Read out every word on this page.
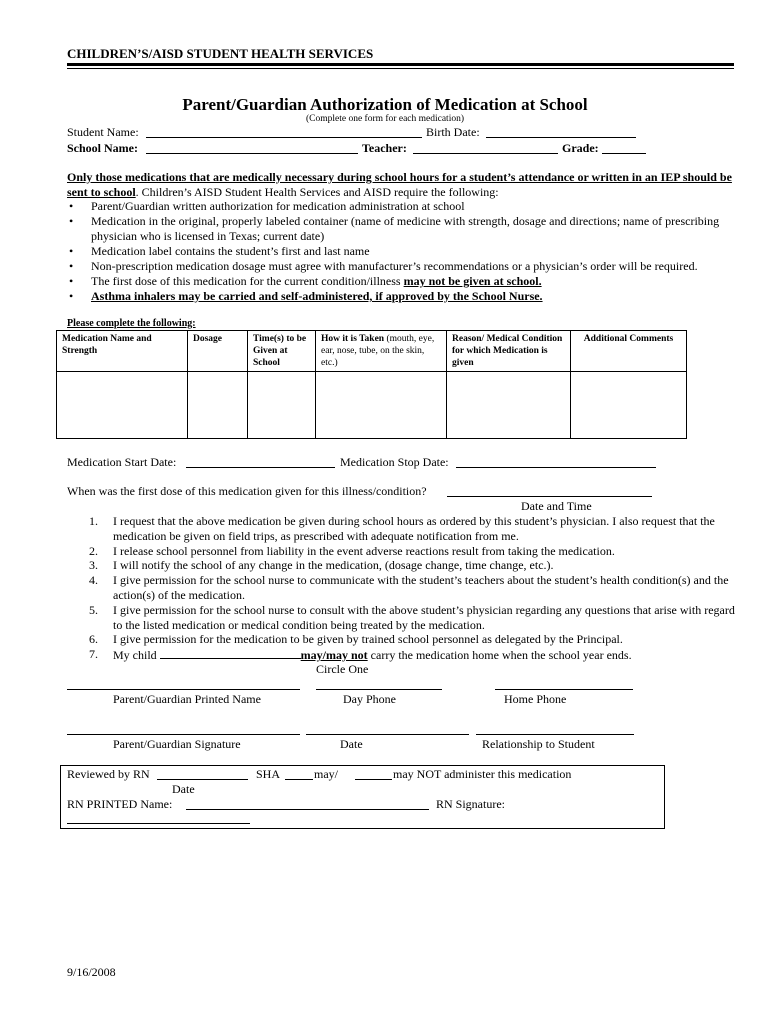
CHILDREN’S/AISD STUDENT HEALTH SERVICES
Parent/Guardian Authorization of Medication at School
(Complete one form for each medication)
Student Name:	Birth Date:
School Name:	Teacher:	Grade:
Only those medications that are medically necessary during school hours for a student’s attendance or written in an IEP should be sent to school. Children’s AISD Student Health Services and AISD require the following:
• Parent/Guardian written authorization for medication administration at school
• Medication in the original, properly labeled container (name of medicine with strength, dosage and directions; name of prescribing physician who is licensed in Texas; current date)
• Medication label contains the student’s first and last name
• Non-prescription medication dosage must agree with manufacturer’s recommendations or a physician’s order will be required.
• The first dose of this medication for the current condition/illness may not be given at school.
• Asthma inhalers may be carried and self-administered, if approved by the School Nurse.
Please complete the following:
Medication Name and Strength	Dosage	Time(s) to be Given at School	How it is Taken (mouth, eye, ear, nose, tube, on the skin, etc.)	Reason/ Medical Condition for which Medication is given	Additional Comments

Medication Start Date:	Medication Stop Date:
When was the first dose of this medication given for this illness/condition?
Date and Time
1. I request that the above medication be given during school hours as ordered by this student’s physician. I also request that the medication be given on field trips, as prescribed with adequate notification from me.
2. I release school personnel from liability in the event adverse reactions result from taking the medication.
3. I will notify the school of any change in the medication, (dosage change, time change, etc.).
4. I give permission for the school nurse to communicate with the student’s teachers about the student’s health condition(s) and the action(s) of the medication.
5. I give permission for the school nurse to consult with the above student’s physician regarding any questions that arise with regard to the listed medication or medical condition being treated by the medication.
6. I give permission for the medication to be given by trained school personnel as delegated by the Principal.
7. My child	may/may not carry the medication home when the school year ends.
Circle One
Parent/Guardian Printed Name	Day Phone	Home Phone
Parent/Guardian Signature	Date	Relationship to Student
Reviewed by RN	SHA	may/	may NOT administer this medication
Date
RN PRINTED Name:	RN Signature:
9/16/2008
